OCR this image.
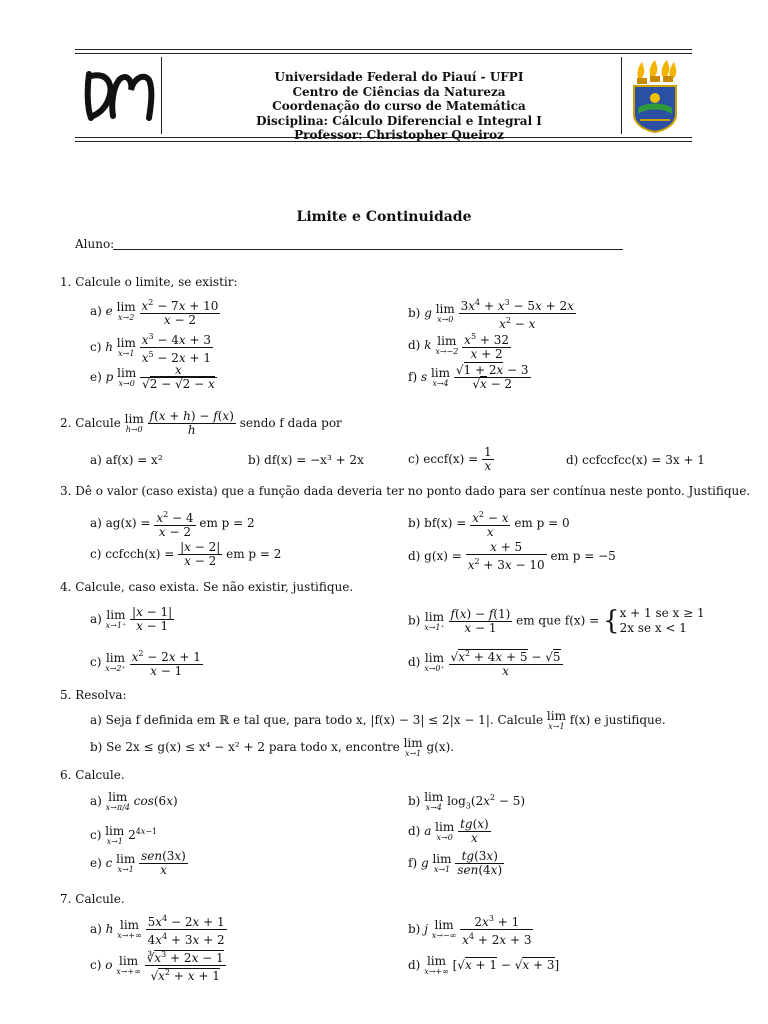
Universidade Federal do Piauí - UFPI
Centro de Ciências da Natureza
Coordenação do curso de Matemática
Disciplina: Cálculo Diferencial e Integral I
Professor: Christopher Queiroz
Limite e Continuidade
Aluno:
1. Calcule o limite, se existir:
a) e lim
x→2
$\frac{x^2 - 7x + 10}{x - 2}$	b) g lim
x→0
$\frac{3x^4 + x^3 - 5x + 2x}{x^2 - x}$
c) h lim
x→1
$\frac{x^3 - 4x + 3}{x^5 - 2x + 1}$	d) k lim
x→−2
$\frac{x^5 + 32}{x + 2}$
e) p lim
x→0
$\frac{x}{√2 - √2 - x}$	f) s lim
x→4
$\frac{√1 + 2x - 3}{√x - 2}$
2. Calcule lim
h→0
$\frac{f(x + h) - f(x)}{h}$ sendo f dada por
a) af(x) = x²	b) df(x) = −x³ + 2x	c) eccf(x) = $\frac{1}{x}$	d) ccfccfcc(x) = 3x + 1
3. Dê o valor (caso exista) que a função dada deveria ter no ponto dado para ser contínua neste ponto. Justifique.
a) $ag(x) = \frac{x^2 - 4}{x - 2}$ em p = 2	b) $bf(x) = \frac{x^2 - x}{x}$ em p = 0
c) ccfcch(x) = $\frac{|x - 2|}{x - 2}$ em p = 2	d) $g(x) = \frac{x + 5}{x^2 + 3x - 10}$ em p = −5
4. Calcule, caso exista. Se não existir, justifique.
a) lim
x→1⁺
$\frac{|x - 1|}{x - 1}$	b) lim
x→1⁺
$\frac{f(x) - f(1)}{x - 1}$ em que f(x) = { x + 1 se x ≥ 1
2x se x < 1
c) lim
x→2⁺
$\frac{x^2 - 2x + 1}{x - 1}$	d) lim
x→0⁺
$\frac{√x^2 + 4x + 5 - √5}{x}$
5. Resolva:
a) Seja f definida em ℝ e tal que, para todo x, |f(x) − 3| ≤ 2|x − 1|. Calcule lim
x→1 f(x) e justifique.
b) Se 2x ≤ g(x) ≤ x⁴ − x² + 2 para todo x, encontre lim
x→1 g(x).
6. Calcule.
a) lim
x→π/4 cos(6x)	b) lim
x→4 $\log_3(2x^2 - 5)$
c) lim
x→1 $2^{4x-1}$	d) a lim
x→0
$\frac{tg(x)}{x}$
e) c lim
x→1
$\frac{\text{sen(3x)}}{x}$	f) g lim
x→1
$\frac{tg(3x)}{\text{sen(4x)}}$
7. Calcule.
a) h lim
x→+∞
$\frac{5x^4 - 2x + 1}{4x^4 + 3x + 2}$	b) j lim
x→−∞
$\frac{2x^3 + 1}{x^4 + 2x + 3}$
c) o lim
x→+∞
$\frac{∛x^3 + 2x - 1}{√x^2 + x + 1}$	d) lim
x→+∞ [√x + 1 − √x + 3]
